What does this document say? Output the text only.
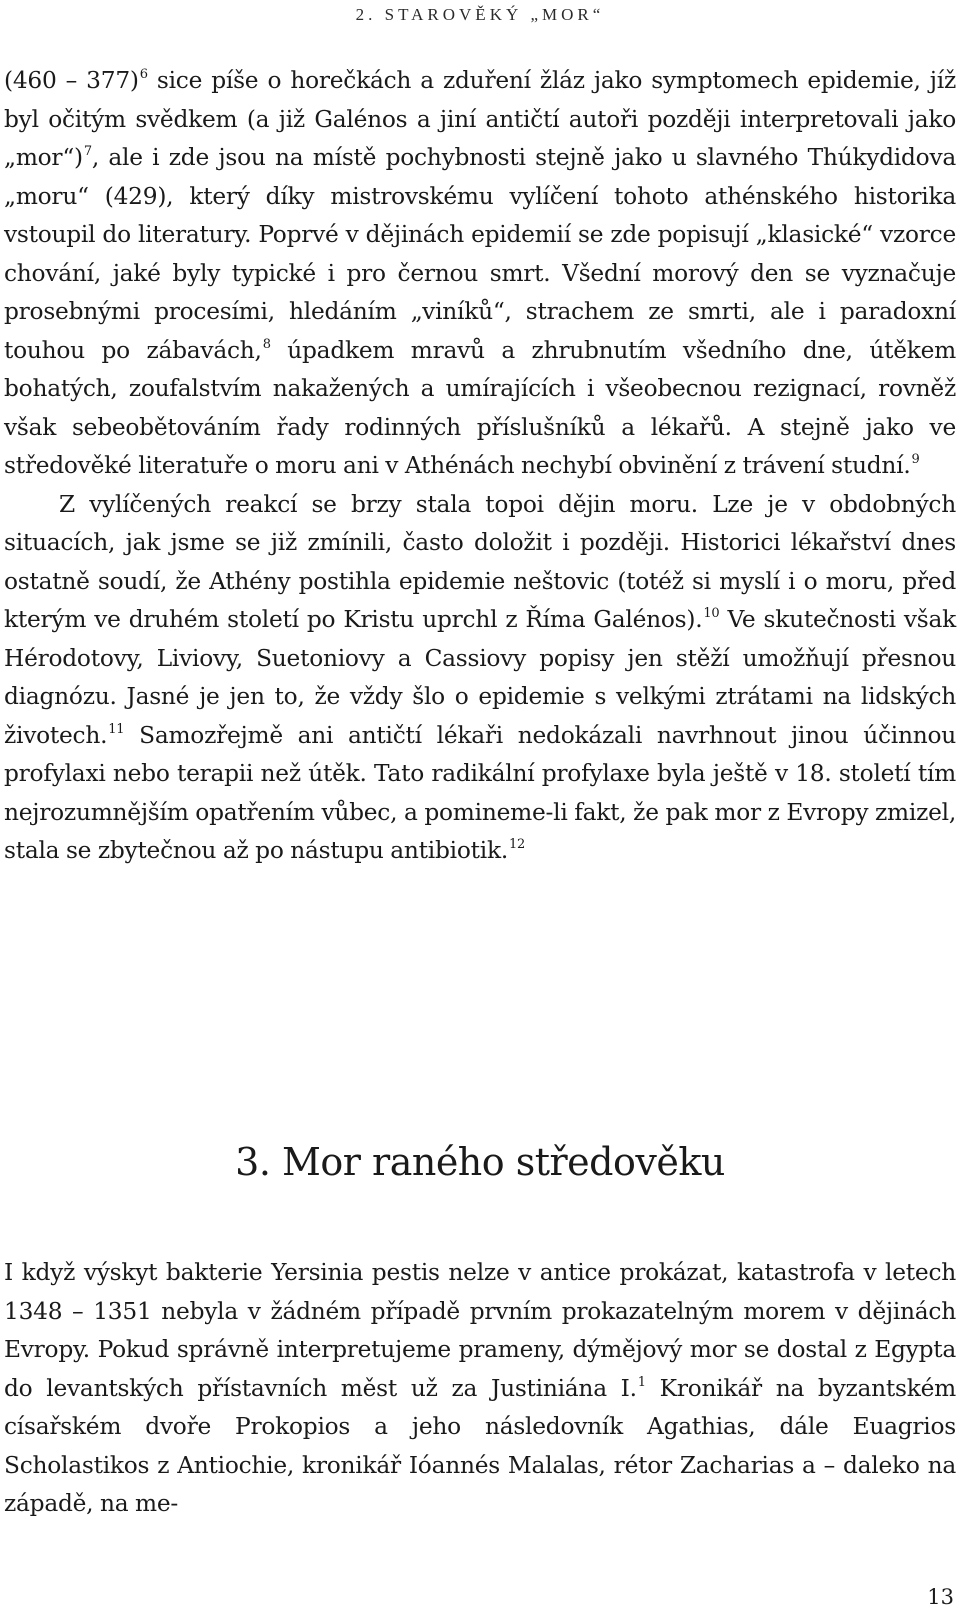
2. STAROVĚKÝ „MOR“

(460 – 377)$^6$ sice píše o horečkách a zduření žláz jako symptomech epidemie, jíž byl očitým svědkem (a již Galénos a jiní antičtí autoři později interpretovali jako „mor“)$^7$, ale i zde jsou na místě pochybnosti stejně jako u slavného Thúkydidova „moru“ (429), který díky mistrovskému vylíčení tohoto athénského historika vstoupil do literatury. Poprvé v dějinách epidemií se zde popisují „klasické“ vzorce chování, jaké byly typické i pro černou smrt. Všední morový den se vyznačuje prosebnými procesími, hledáním „viníků“, strachem ze smrti, ale i paradoxní touhou po zábavách,$^8$ úpadkem mravů a zhrubnutím všedního dne, útěkem bohatých, zoufalstvím nakažených a umírajících i všeobecnou rezignací, rovněž však sebeobětováním řady rodinných příslušníků a lékařů. A stejně jako ve středověké literatuře o moru ani v Athénách nechybí obvinění z trávení studní.$^9$

Z vylíčených reakcí se brzy stala topoi dějin moru. Lze je v obdobných situacích, jak jsme se již zmínili, často doložit i později. Historici lékařství dnes ostatně soudí, že Athény postihla epidemie neštovic (totéž si myslí i o moru, před kterým ve druhém století po Kristu uprchl z Říma Galénos).$^{10}$ Ve skutečnosti však Hérodotovy, Liviovy, Suetoniovy a Cassiovy popisy jen stěží umožňují přesnou diagnózu. Jasné je jen to, že vždy šlo o epidemie s velkými ztrátami na lidských životech.$^{11}$ Samozřejmě ani antičtí lékaři nedokázali navrhnout jinou účinnou profylaxi nebo terapii než útěk. Tato radikální profylaxe byla ještě v 18. století tím nejrozumnějším opatřením vůbec, a pomineme-li fakt, že pak mor z Evropy zmizel, stala se zbytečnou až po nástupu antibiotik.$^{12}$

3. Mor raného středověku

I když výskyt bakterie Yersinia pestis nelze v antice prokázat, katastrofa v letech 1348 – 1351 nebyla v žádném případě prvním prokazatelným morem v dějinách Evropy. Pokud správně interpretujeme prameny, dýmějový mor se dostal z Egypta do levantských přístavních měst už za Justiniána I.$^1$ Kronikář na byzantském císařském dvoře Prokopios a jeho následovník Agathias, dále Euagrios Scholastikos z Antiochie, kronikář Ióannés Malalas, rétor Zacharias a – daleko na západě, na me-

13
